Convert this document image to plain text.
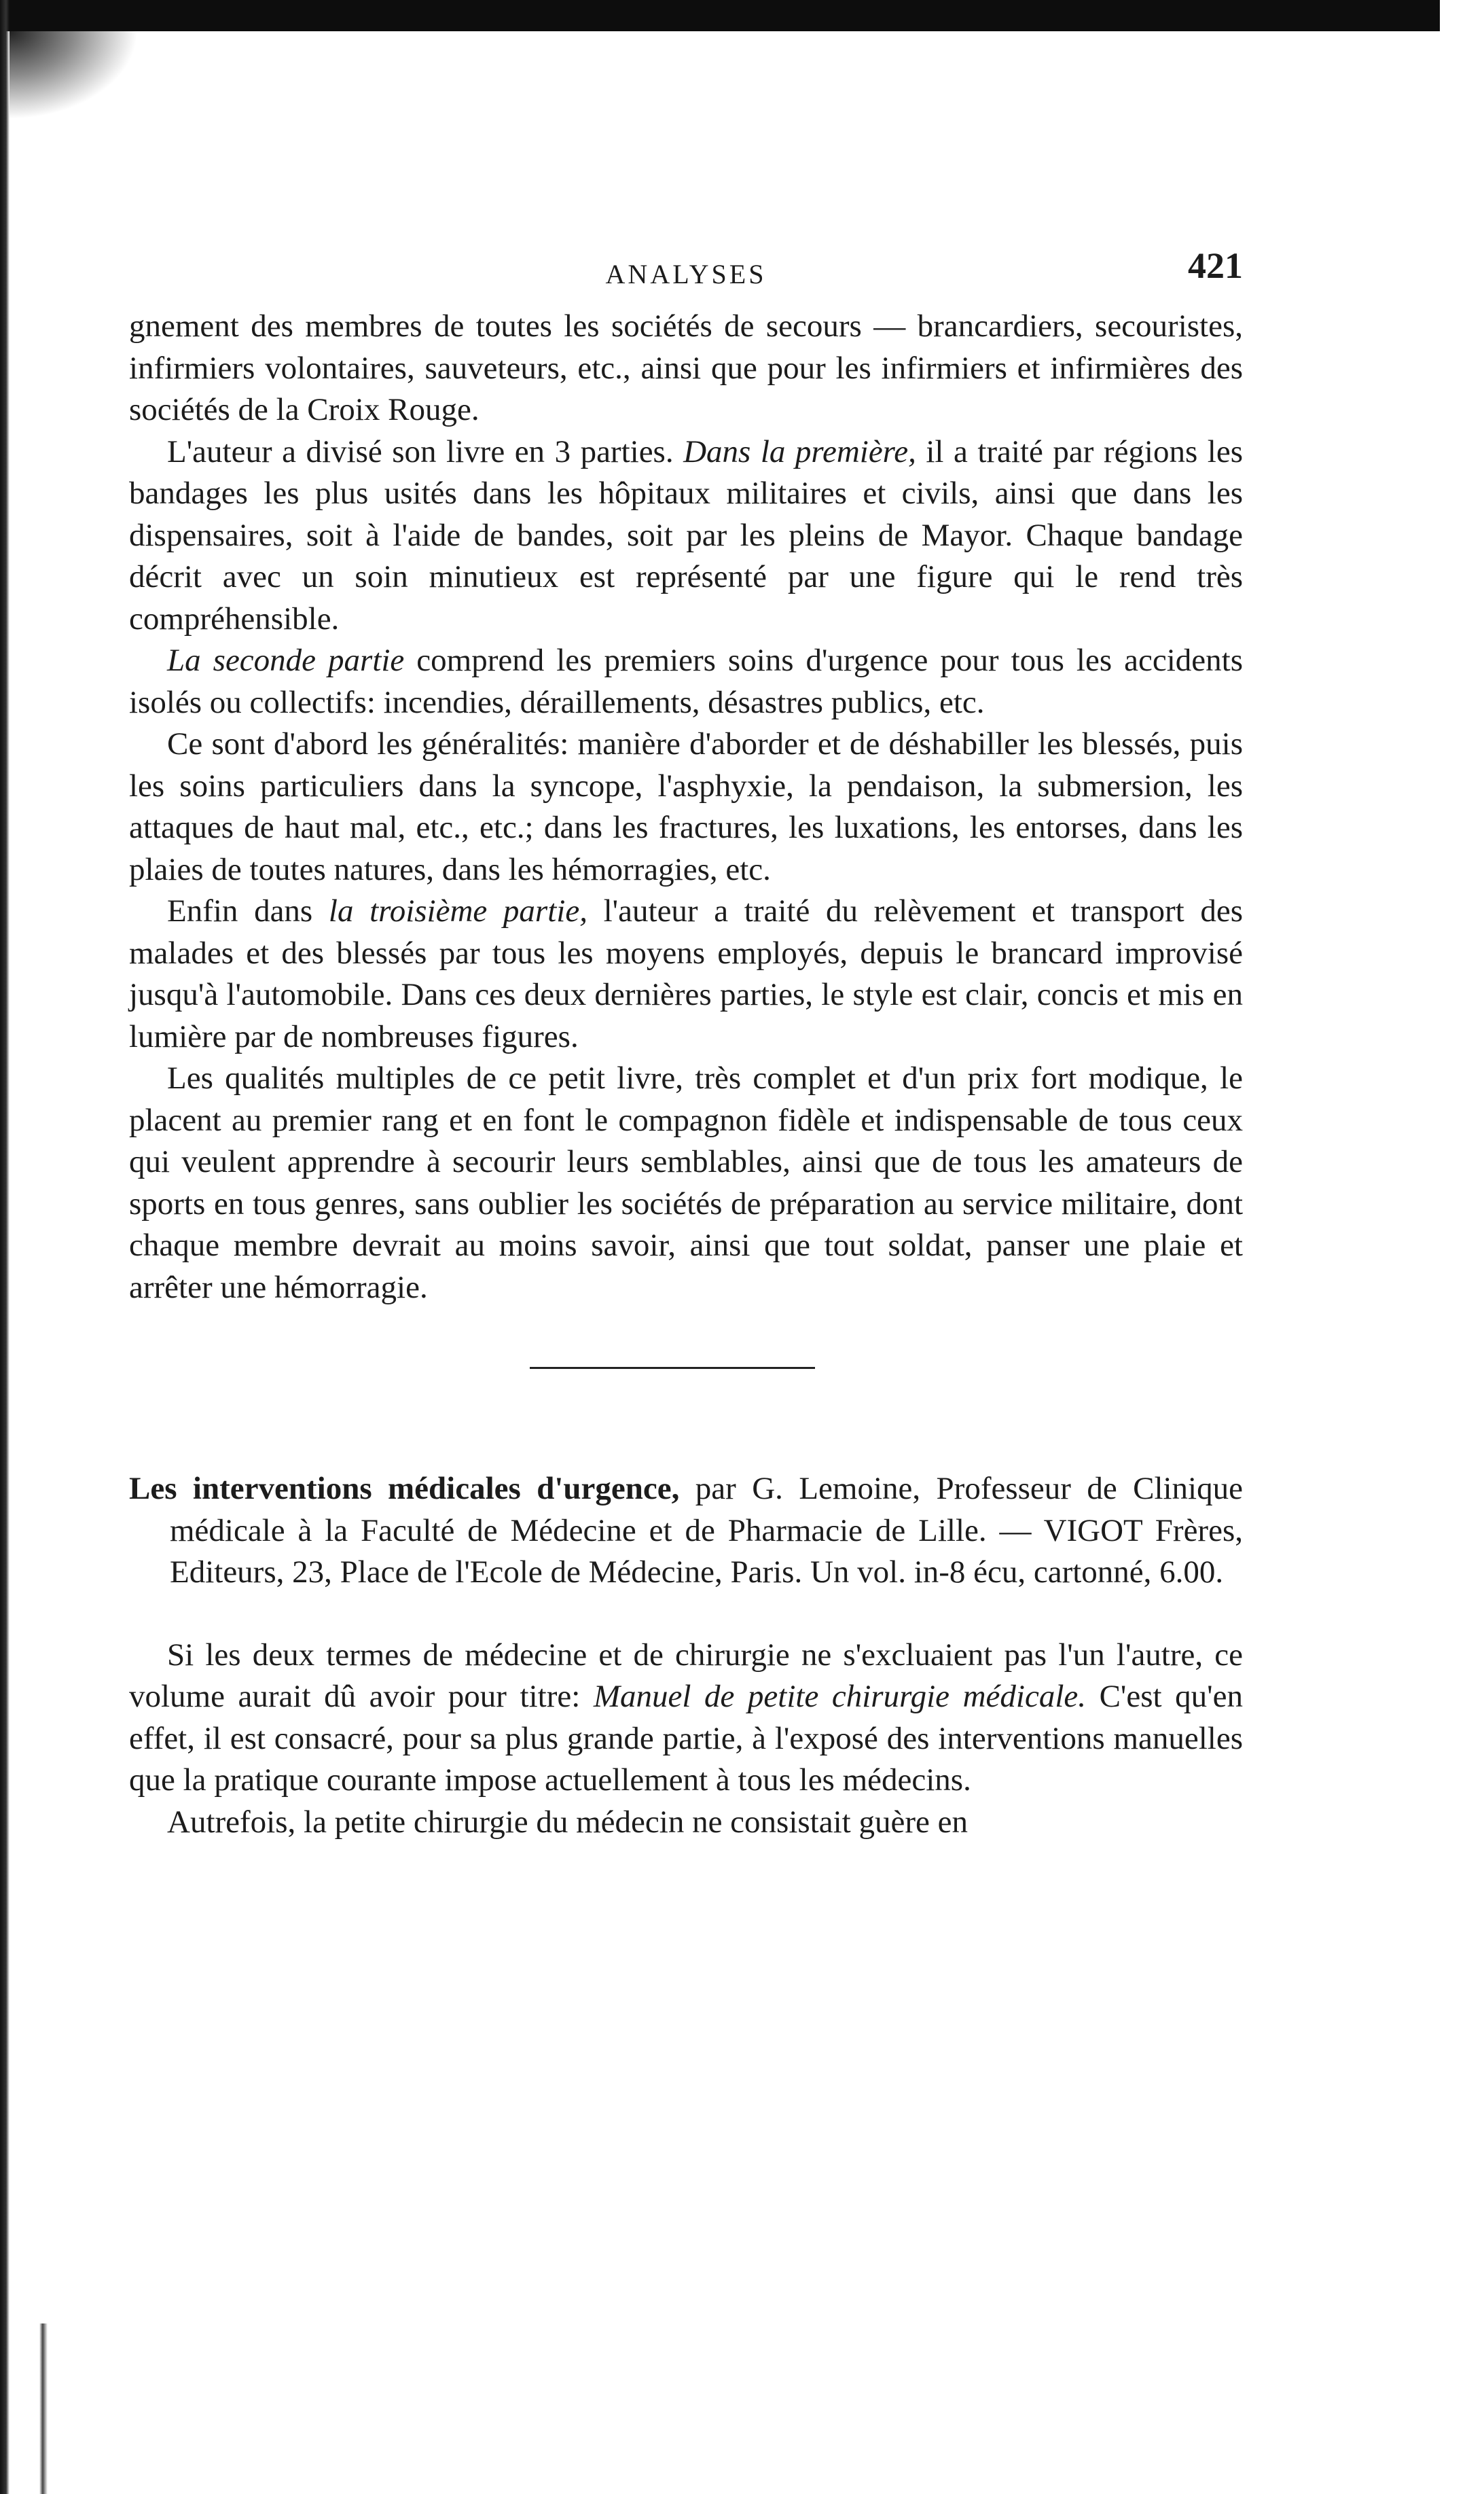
ANALYSES	421

gnement des membres de toutes les sociétés de secours — brancardiers, secouristes, infirmiers volontaires, sauveteurs, etc., ainsi que pour les infirmiers et infirmières des sociétés de la Croix Rouge.

L'auteur a divisé son livre en 3 parties. Dans la première, il a traité par régions les bandages les plus usités dans les hôpitaux militaires et civils, ainsi que dans les dispensaires, soit à l'aide de bandes, soit par les pleins de Mayor. Chaque bandage décrit avec un soin minutieux est représenté par une figure qui le rend très compréhensible.

La seconde partie comprend les premiers soins d'urgence pour tous les accidents isolés ou collectifs: incendies, déraillements, désastres publics, etc.

Ce sont d'abord les généralités: manière d'aborder et de déshabiller les blessés, puis les soins particuliers dans la syncope, l'asphyxie, la pendaison, la submersion, les attaques de haut mal, etc., etc.; dans les fractures, les luxations, les entorses, dans les plaies de toutes natures, dans les hémorragies, etc.

Enfin dans la troisième partie, l'auteur a traité du relèvement et transport des malades et des blessés par tous les moyens employés, depuis le brancard improvisé jusqu'à l'automobile. Dans ces deux dernières parties, le style est clair, concis et mis en lumière par de nombreuses figures.

Les qualités multiples de ce petit livre, très complet et d'un prix fort modique, le placent au premier rang et en font le compagnon fidèle et indispensable de tous ceux qui veulent apprendre à secourir leurs semblables, ainsi que de tous les amateurs de sports en tous genres, sans oublier les sociétés de préparation au service militaire, dont chaque membre devrait au moins savoir, ainsi que tout soldat, panser une plaie et arrêter une hémorragie.

Les interventions médicales d'urgence, par G. Lemoine, Professeur de Clinique médicale à la Faculté de Médecine et de Pharmacie de Lille. — VIGOT Frères, Editeurs, 23, Place de l'Ecole de Médecine, Paris. Un vol. in-8 écu, cartonné, 6.00.

Si les deux termes de médecine et de chirurgie ne s'excluaient pas l'un l'autre, ce volume aurait dû avoir pour titre: Manuel de petite chirurgie médicale. C'est qu'en effet, il est consacré, pour sa plus grande partie, à l'exposé des interventions manuelles que la pratique courante impose actuellement à tous les médecins.

Autrefois, la petite chirurgie du médecin ne consistait guère en
